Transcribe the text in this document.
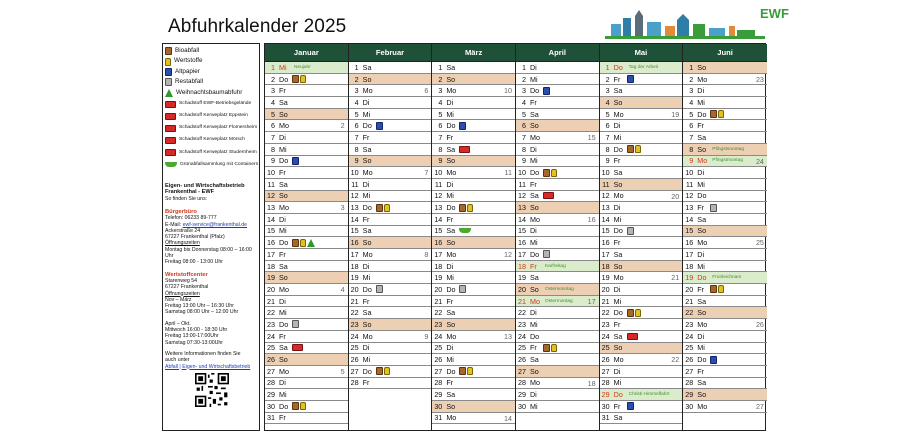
Abfuhrkalender 2025
EWF
Bioabfall
Wertstoffe
Altpapier
Restabfall
Weihnachtsbaumabfuhr
Schadstoff EWF-Betriebsgelände
Schadstoff Kerweplatz Eppstein
Schadstoff Kerweplatz Flomersheim
Schadstoff Kerweplatz Mörsch
Schadstoff Kerweplatz Studernheim
Grünabfallsammlung mit Containern
Eigen- und Wirtschaftsbetrieb
Frankenthal - EWF
So finden Sie uns:
Bürgerbüro
Telefon: 06233 89-777
E-Mail: ewf-service@frankenthal.de
Ackerstraße 24
67227 Frankenthal (Pfalz)
Öffnungszeiten
Montag bis Donnerstag 08:00 – 16:00 Uhr
Freitag 08:00 - 13:00 Uhr
Wertstoffcenter
Starenweg 54
67227 Frankenthal
Öffnungszeiten
Nov – März
Freitag 13:00 Uhr – 16:30 Uhr
Samstag 08:00 Uhr – 12:00 Uhr
April – Okt.
Mittwoch 16:00 - 18:30 Uhr
Freitag 13:00-17:00Uhr
Samstag 07:30-13:00Uhr
Weitere Informationen finden Sie
auch unter
Abfall | Eigen- und Wirtschaftsbetrieb
Januar
1 Mi	Neujahr
2 Do
3 Fr
4 Sa
5 So
6 Mo	2
7 Di
8 Mi
9 Do
10 Fr
11 Sa
12 So
13 Mo	3
14 Di
15 Mi
16 Do
17 Fr
18 Sa
19 So
20 Mo	4
21 Di
22 Mi
23 Do
24 Fr
25 Sa
26 So
27 Mo	5
28 Di
29 Mi
30 Do
31 Fr
Februar
1 Sa
2 So
3 Mo	6
4 Di
5 Mi
6 Do
7 Fr
8 Sa
9 So
10 Mo	7
11 Di
12 Mi
13 Do
14 Fr
15 Sa
16 So
17 Mo	8
18 Di
19 Mi
20 Do
21 Fr
22 Sa
23 So
24 Mo	9
25 Di
26 Mi
27 Do
28 Fr
März
1 Sa
2 So
3 Mo	10
4 Di
5 Mi
6 Do
7 Fr
8 Sa
9 So
10 Mo	11
11 Di
12 Mi
13 Do
14 Fr
15 Sa
16 So
17 Mo	12
18 Di
19 Mi
20 Do
21 Fr
22 Sa
23 So
24 Mo	13
25 Di
26 Mi
27 Do
28 Fr
29 Sa
30 So
31 Mo	14
April
1 Di
2 Mi
3 Do
4 Fr
5 Sa
6 So
7 Mo	15
8 Di
9 Mi
10 Do
11 Fr
12 Sa
13 So
14 Mo	16
15 Di
16 Mi
17 Do
18 Fr	Karfreitag
19 Sa
20 So	Ostersonntag
21 Mo	Ostermontag 17
22 Di
23 Mi
24 Do
25 Fr
26 Sa
27 So
28 Mo	18
29 Di
30 Mi
Mai
1 Do	Tag der Arbeit
2 Fr
3 Sa
4 So
5 Mo	19
6 Di
7 Mi
8 Do
9 Fr
10 Sa
11 So
12 Mo	20
13 Di
14 Mi
15 Do
16 Fr
17 Sa
18 So
19 Mo	21
20 Di
21 Mi
22 Do
23 Fr
24 Sa
25 So
26 Mo	22
27 Di
28 Mi
29 Do	Christi Himmelfahrt
30 Fr
31 Sa
Juni
1 So
2 Mo	23
3 Di
4 Mi
5 Do
6 Fr
7 Sa
8 So	Pfingstsonntag
9 Mo	Pfingstmontag 24
10 Di
11 Mi
12 Do
13 Fr
14 Sa
15 So
16 Mo	25
17 Di
18 Mi
19 Do	Fronleichnam
20 Fr
21 Sa
22 So
23 Mo	26
24 Di
25 Mi
26 Do
27 Fr
28 Sa
29 So
30 Mo	27
